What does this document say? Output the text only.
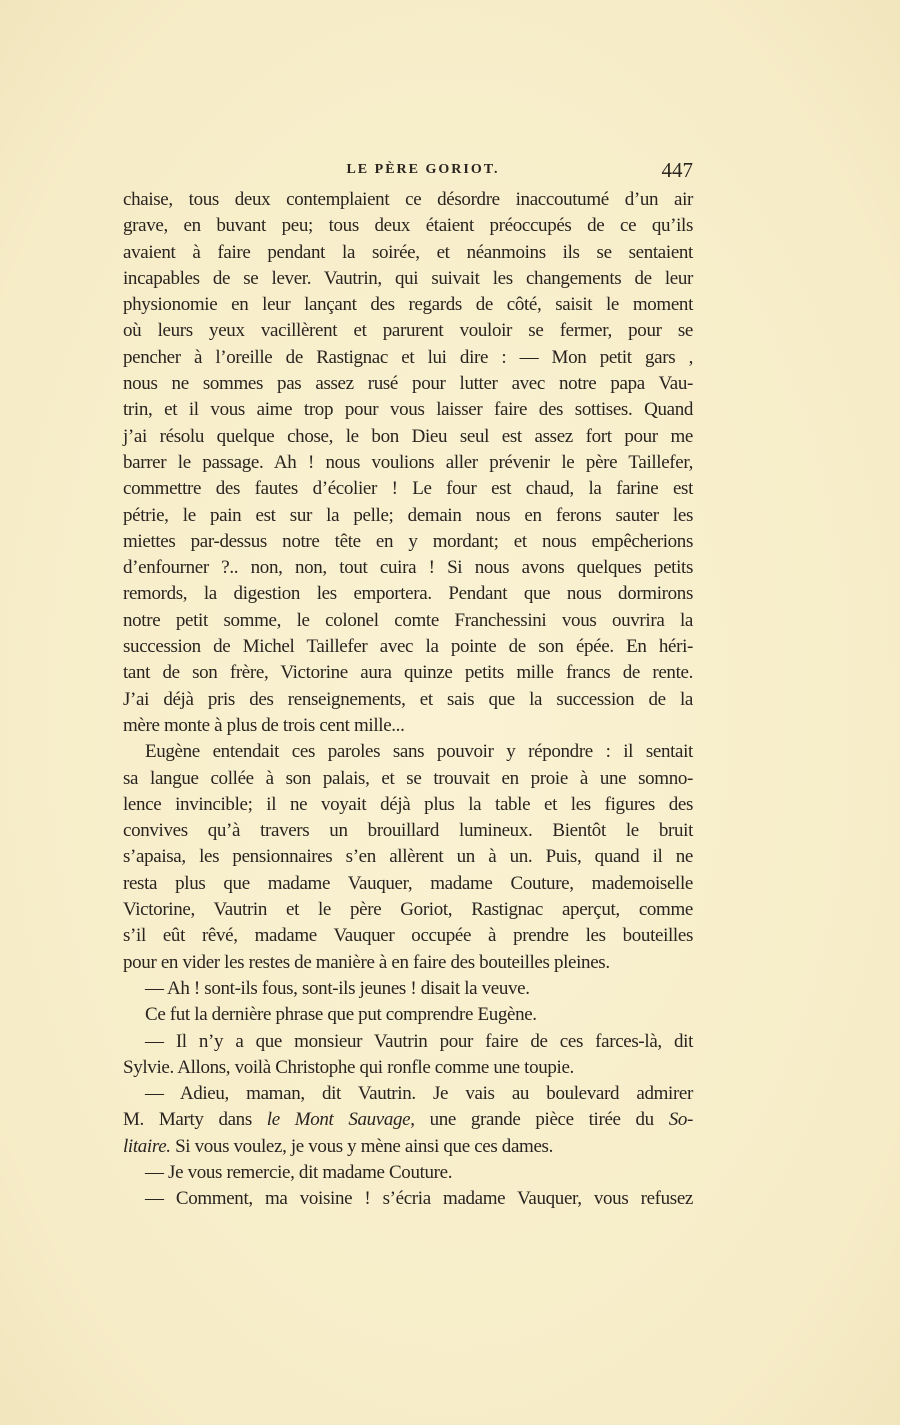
LE PÈRE GORIOT.	447
chaise, tous deux contemplaient ce désordre inaccoutumé d’un air
grave, en buvant peu; tous deux étaient préoccupés de ce qu’ils
avaient à faire pendant la soirée, et néanmoins ils se sentaient
incapables de se lever. Vautrin, qui suivait les changements de leur
physionomie en leur lançant des regards de côté, saisit le moment
où leurs yeux vacillèrent et parurent vouloir se fermer, pour se
pencher à l’oreille de Rastignac et lui dire : — Mon petit gars ,
nous ne sommes pas assez rusé pour lutter avec notre papa Vau-
trin, et il vous aime trop pour vous laisser faire des sottises. Quand
j’ai résolu quelque chose, le bon Dieu seul est assez fort pour me
barrer le passage. Ah ! nous voulions aller prévenir le père Taillefer,
commettre des fautes d’écolier ! Le four est chaud, la farine est
pétrie, le pain est sur la pelle; demain nous en ferons sauter les
miettes par-dessus notre tête en y mordant; et nous empêcherions
d’enfourner ?.. non, non, tout cuira ! Si nous avons quelques petits
remords, la digestion les emportera. Pendant que nous dormirons
notre petit somme, le colonel comte Franchessini vous ouvrira la
succession de Michel Taillefer avec la pointe de son épée. En héri-
tant de son frère, Victorine aura quinze petits mille francs de rente.
J’ai déjà pris des renseignements, et sais que la succession de la
mère monte à plus de trois cent mille...
Eugène entendait ces paroles sans pouvoir y répondre : il sentait
sa langue collée à son palais, et se trouvait en proie à une somno-
lence invincible; il ne voyait déjà plus la table et les figures des
convives qu’à travers un brouillard lumineux. Bientôt le bruit
s’apaisa, les pensionnaires s’en allèrent un à un. Puis, quand il ne
resta plus que madame Vauquer, madame Couture, mademoiselle
Victorine, Vautrin et le père Goriot, Rastignac aperçut, comme
s’il eût rêvé, madame Vauquer occupée à prendre les bouteilles
pour en vider les restes de manière à en faire des bouteilles pleines.
— Ah ! sont-ils fous, sont-ils jeunes ! disait la veuve.
Ce fut la dernière phrase que put comprendre Eugène.
— Il n’y a que monsieur Vautrin pour faire de ces farces-là, dit
Sylvie. Allons, voilà Christophe qui ronfle comme une toupie.
— Adieu, maman, dit Vautrin. Je vais au boulevard admirer
M. Marty dans le Mont Sauvage, une grande pièce tirée du So-
litaire. Si vous voulez, je vous y mène ainsi que ces dames.
— Je vous remercie, dit madame Couture.
— Comment, ma voisine ! s’écria madame Vauquer, vous refusez
